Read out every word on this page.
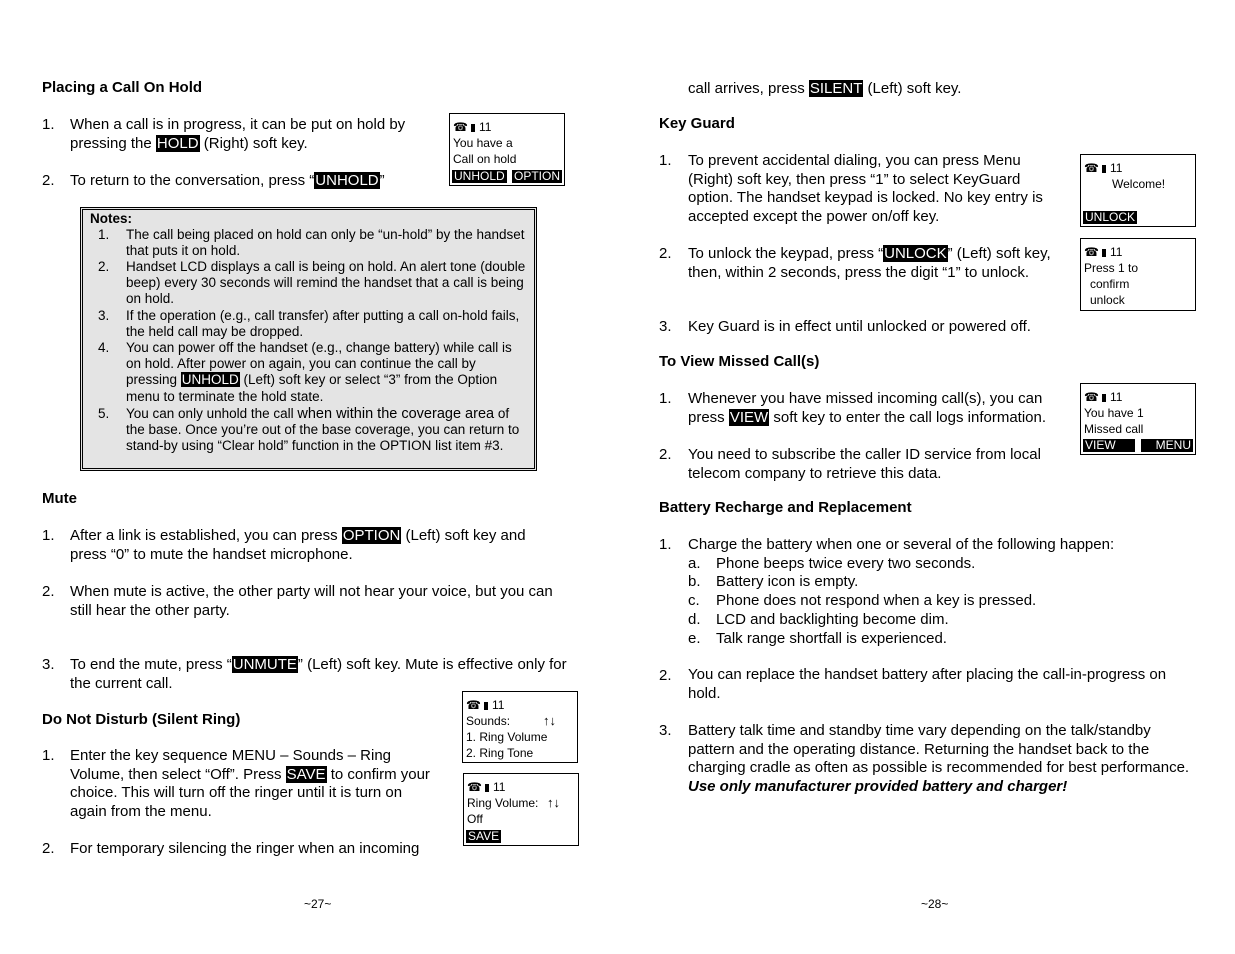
Placing a Call On Hold
1. When a call is in progress, it can be put on hold by pressing the HOLD (Right) soft key.
2. To return to the conversation, press “UNHOLD”
☎ 11
You have a
Call on hold
UNHOLD OPTION
Notes:
1. The call being placed on hold can only be “un-hold” by the handset that puts it on hold.
2. Handset LCD displays a call is being on hold. An alert tone (double beep) every 30 seconds will remind the handset that a call is being on hold.
3. If the operation (e.g., call transfer) after putting a call on-hold fails, the held call may be dropped.
4. You can power off the handset (e.g., change battery) while call is on hold. After power on again, you can continue the call by pressing UNHOLD (Left) soft key or select “3” from the Option menu to terminate the hold state.
5. You can only unhold the call when within the coverage area of the base. Once you’re out of the base coverage, you can return to stand-by using “Clear hold” function in the OPTION list item #3.
Mute
1. After a link is established, you can press OPTION (Left) soft key and press “0” to mute the handset microphone.
2. When mute is active, the other party will not hear your voice, but you can still hear the other party.
3. To end the mute, press “UNMUTE” (Left) soft key. Mute is effective only for the current call.
Do Not Disturb (Silent Ring)
1. Enter the key sequence MENU – Sounds – Ring Volume, then select “Off”. Press SAVE to confirm your choice. This will turn off the ringer until it is turn on again from the menu.
2. For temporary silencing the ringer when an incoming
☎ 11
Sounds:	↑↓
1. Ring Volume
2. Ring Tone
☎ 11
Ring Volume: ↑↓
Off
SAVE
~27~
call arrives, press SILENT (Left) soft key.
Key Guard
1. To prevent accidental dialing, you can press Menu (Right) soft key, then press “1” to select KeyGuard option. The handset keypad is locked. No key entry is accepted except the power on/off key.
2. To unlock the keypad, press “UNLOCK” (Left) soft key, then, within 2 seconds, press the digit “1” to unlock.
3. Key Guard is in effect until unlocked or powered off.
☎ 11
Welcome!
UNLOCK
☎ 11
Press 1 to
confirm
unlock
To View Missed Call(s)
1. Whenever you have missed incoming call(s), you can press VIEW soft key to enter the call logs information.
2. You need to subscribe the caller ID service from local telecom company to retrieve this data.
☎ 11
You have 1
Missed call
VIEW	MENU
Battery Recharge and Replacement
1. Charge the battery when one or several of the following happen:
a. Phone beeps twice every two seconds.
b. Battery icon is empty.
c. Phone does not respond when a key is pressed.
d. LCD and backlighting become dim.
e. Talk range shortfall is experienced.
2. You can replace the handset battery after placing the call-in-progress on hold.
3. Battery talk time and standby time vary depending on the talk/standby pattern and the operating distance. Returning the handset back to the charging cradle as often as possible is recommended for best performance. Use only manufacturer provided battery and charger!
~28~
